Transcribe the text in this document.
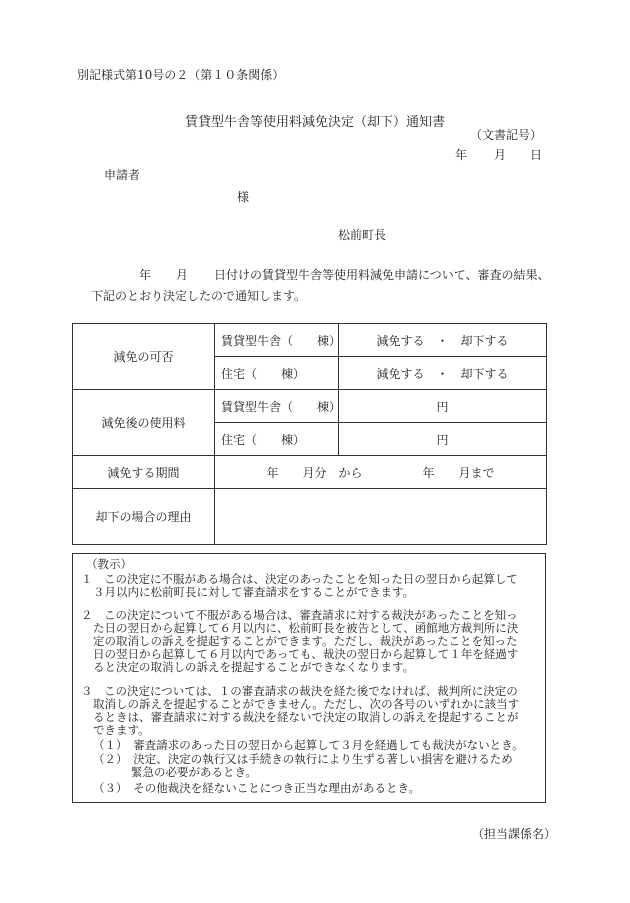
別記様式第10号の２（第１０条関係）
賃貸型牛舎等使用料減免決定（却下）通知書
（文書記号）
年 月 日
申請者
様
松前町長
年 月 日付けの賃貸型牛舎等使用料減免申請について、審査の結果、
下記のとおり決定したので通知します。
減免の可否	賃貸型牛舎（　　棟）	減免する　・　却下する
	住宅（　　棟）	減免する　・　却下する
減免後の使用料	賃貸型牛舎（　　棟）	円
	住宅（　　棟）	円
減免する期間	年　　月分　から　　　　　年　　月まで	
却下の場合の理由		
（教示）
１　この決定に不服がある場合は、決定のあったことを知った日の翌日から起算して
３月以内に松前町長に対して審査請求をすることができます。
２　この決定について不服がある場合は、審査請求に対する裁決があったことを知っ
た日の翌日から起算して６月以内に、松前町長を被告として、函館地方裁判所に決
定の取消しの訴えを提起することができます。ただし、裁決があったことを知った
日の翌日から起算して６月以内であっても、裁決の翌日から起算して１年を経過す
ると決定の取消しの訴えを提起することができなくなります。
３　この決定については、１の審査請求の裁決を経た後でなければ、裁判所に決定の
取消しの訴えを提起することができません。ただし、次の各号のいずれかに該当す
るときは、審査請求に対する裁決を経ないで決定の取消しの訴えを提起することが
できます。
（１）　審査請求のあった日の翌日から起算して３月を経過しても裁決がないとき。
（２）　決定、決定の執行又は手続きの執行により生ずる著しい損害を避けるため
緊急の必要があるとき。
（３）　その他裁決を経ないことにつき正当な理由があるとき。
（担当課係名）
